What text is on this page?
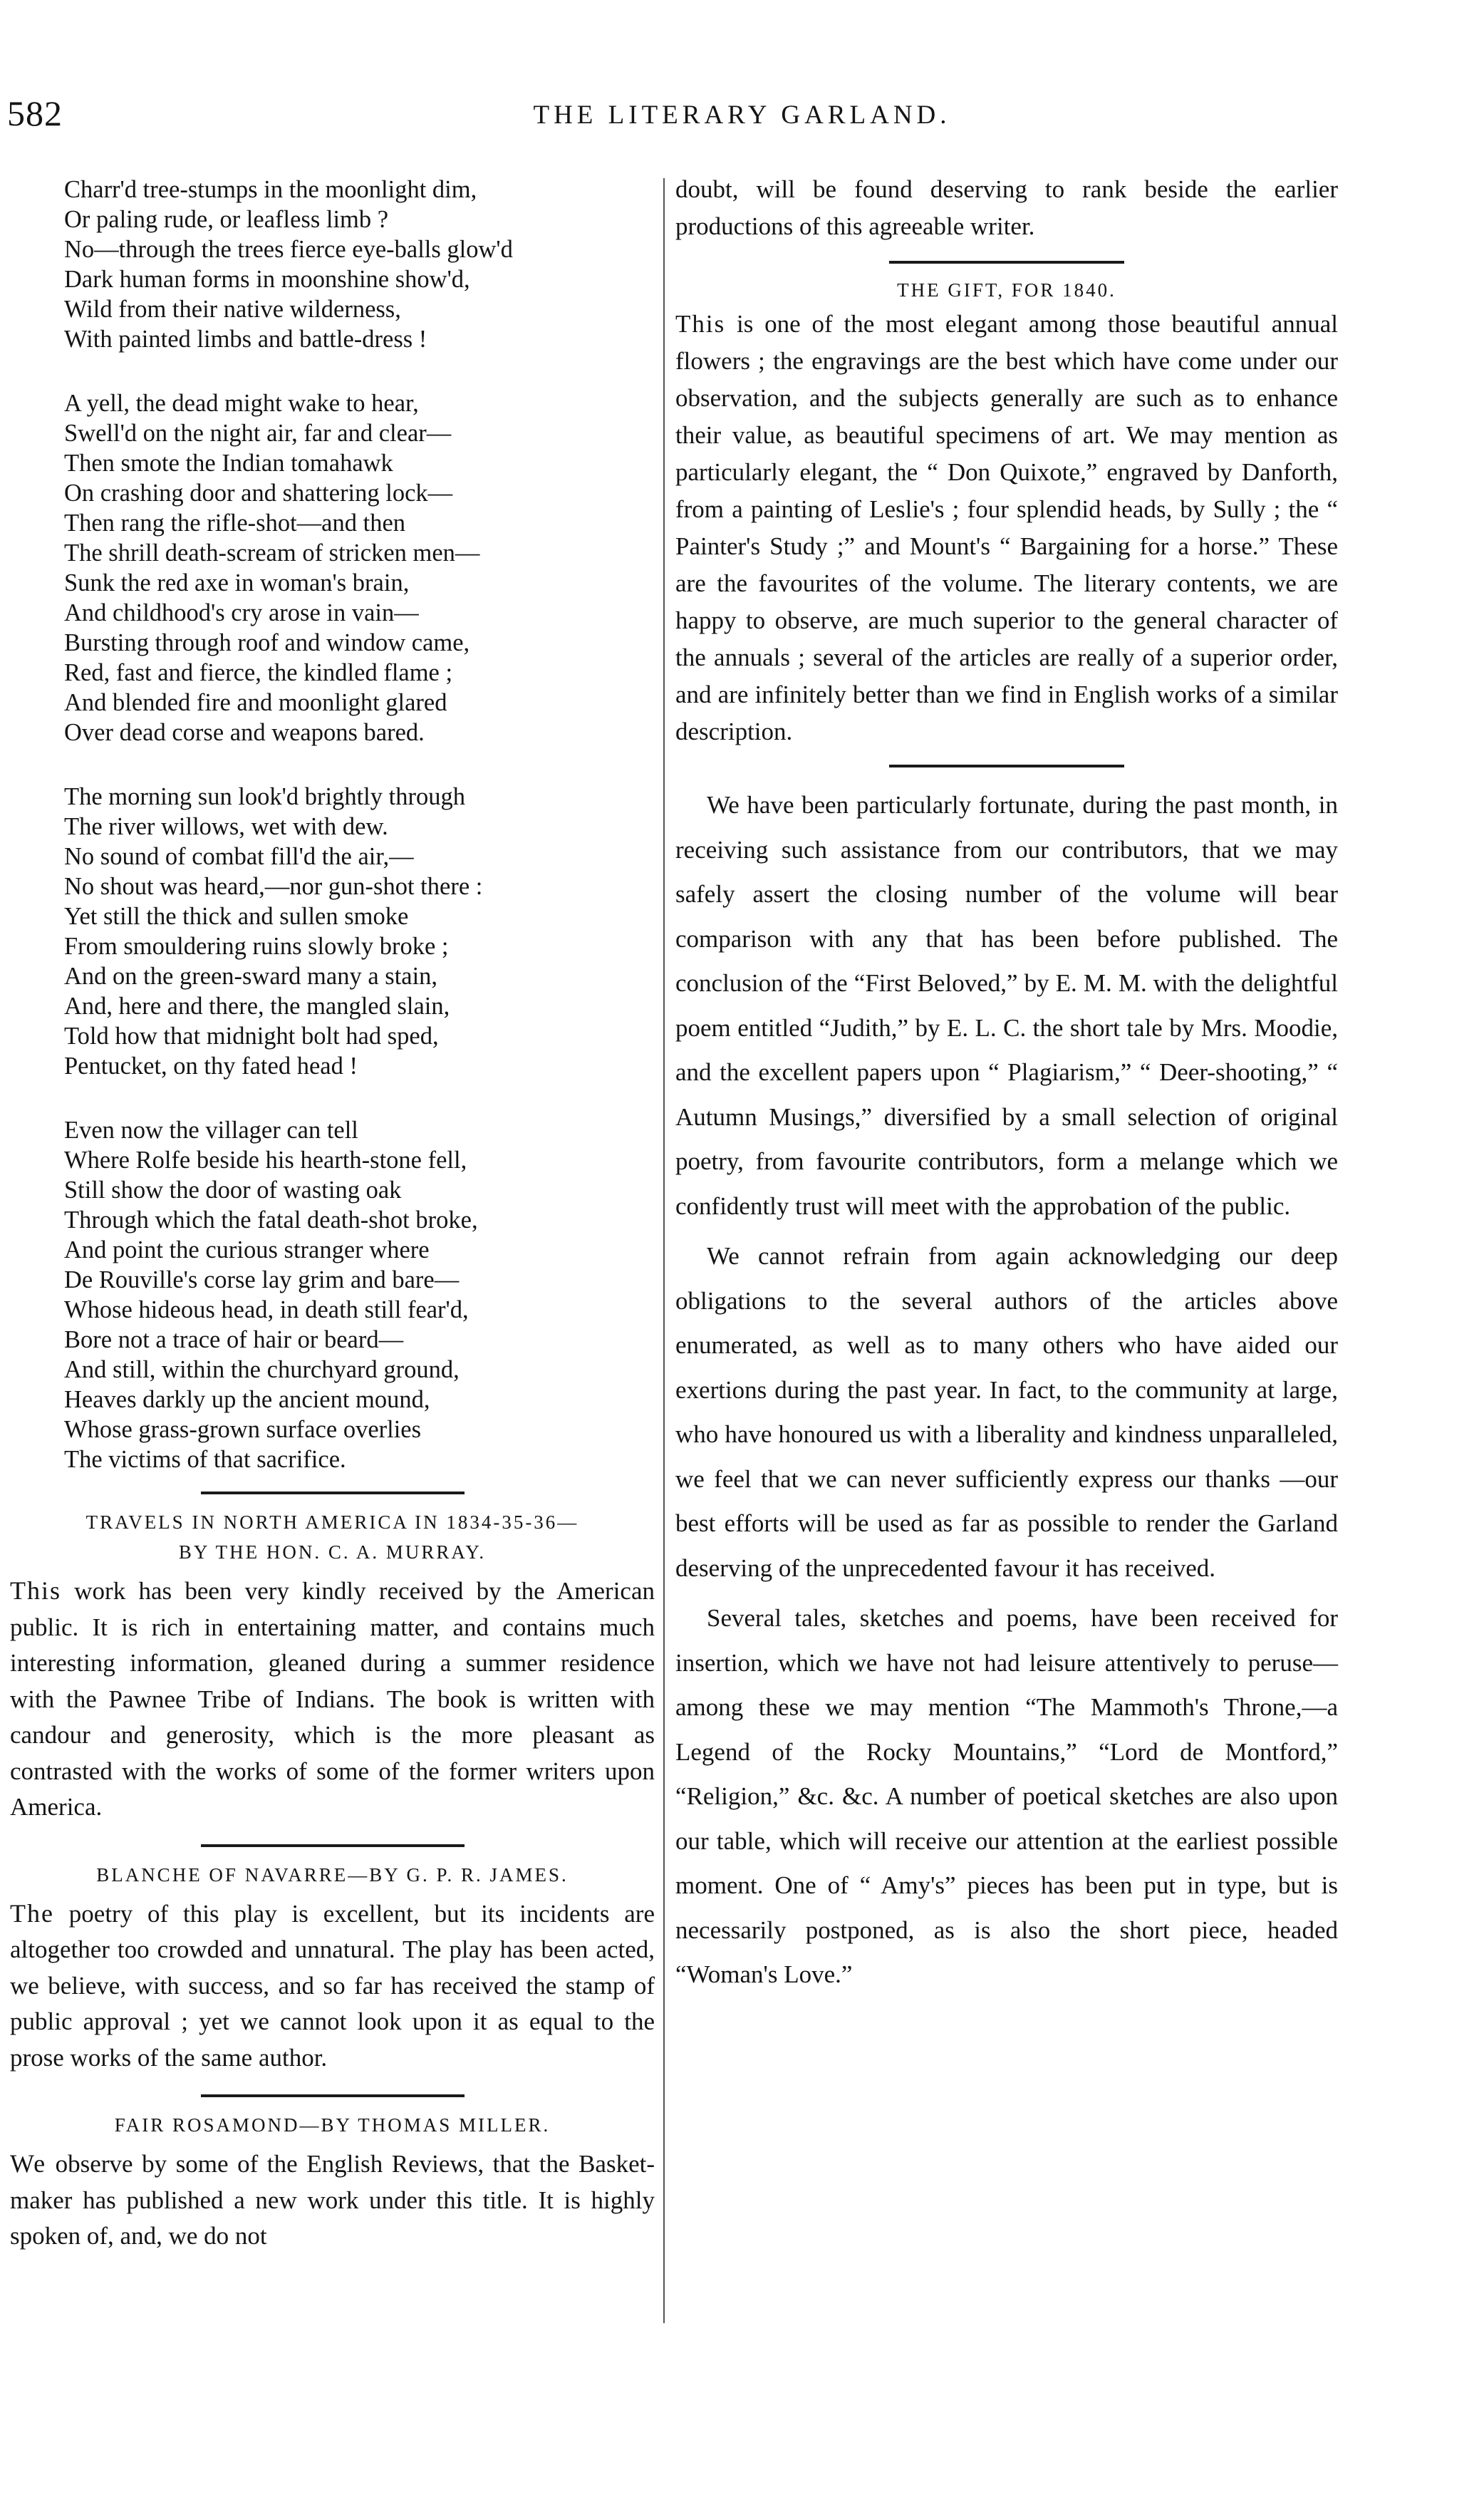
582	THE LITERARY GARLAND.
Charr'd tree-stumps in the moonlight dim,
Or paling rude, or leafless limb ?
No—through the trees fierce eye-balls glow'd
Dark human forms in moonshine show'd,
Wild from their native wilderness,
With painted limbs and battle-dress !
A yell, the dead might wake to hear,
Swell'd on the night air, far and clear—
Then smote the Indian tomahawk
On crashing door and shattering lock—
Then rang the rifle-shot—and then
The shrill death-scream of stricken men—
Sunk the red axe in woman's brain,
And childhood's cry arose in vain—
Bursting through roof and window came,
Red, fast and fierce, the kindled flame ;
And blended fire and moonlight glared
Over dead corse and weapons bared.
The morning sun look'd brightly through
The river willows, wet with dew.
No sound of combat fill'd the air,—
No shout was heard,—nor gun-shot there :
Yet still the thick and sullen smoke
From smouldering ruins slowly broke ;
And on the green-sward many a stain,
And, here and there, the mangled slain,
Told how that midnight bolt had sped,
Pentucket, on thy fated head !
Even now the villager can tell
Where Rolfe beside his hearth-stone fell,
Still show the door of wasting oak
Through which the fatal death-shot broke,
And point the curious stranger where
De Rouville's corse lay grim and bare—
Whose hideous head, in death still fear'd,
Bore not a trace of hair or beard—
And still, within the churchyard ground,
Heaves darkly up the ancient mound,
Whose grass-grown surface overlies
The victims of that sacrifice.
TRAVELS IN NORTH AMERICA IN 1834-35-36—
BY THE HON. C. A. MURRAY.

This work has been very kindly received by the American public. It is rich in entertaining matter, and contains much interesting information, gleaned during a summer residence with the Pawnee Tribe of Indians. The book is written with candour and generosity, which is the more pleasant as contrasted with the works of some of the former writers upon America.

BLANCHE OF NAVARRE—BY G. P. R. JAMES.

The poetry of this play is excellent, but its incidents are altogether too crowded and unnatural. The play has been acted, we believe, with success, and so far has received the stamp of public approval ; yet we cannot look upon it as equal to the prose works of the same author.

FAIR ROSAMOND—BY THOMAS MILLER.

We observe by some of the English Reviews, that the Basket-maker has published a new work under this title. It is highly spoken of, and, we do not

doubt, will be found deserving to rank beside the earlier productions of this agreeable writer.

THE GIFT, FOR 1840.

This is one of the most elegant among those beautiful annual flowers ; the engravings are the best which have come under our observation, and the subjects generally are such as to enhance their value, as beautiful specimens of art. We may mention as particularly elegant, the “ Don Quixote,” engraved by Danforth, from a painting of Leslie's ; four splendid heads, by Sully ; the “ Painter's Study ;” and Mount's “ Bargaining for a horse.” These are the favourites of the volume. The literary contents, we are happy to observe, are much superior to the general character of the annuals ; several of the articles are really of a superior order, and are infinitely better than we find in English works of a similar description.

We have been particularly fortunate, during the past month, in receiving such assistance from our contributors, that we may safely assert the closing number of the volume will bear comparison with any that has been before published. The conclusion of the “First Beloved,” by E. M. M. with the delightful poem entitled “Judith,” by E. L. C. the short tale by Mrs. Moodie, and the excellent papers upon “ Plagiarism,” “ Deer-shooting,” “ Autumn Musings,” diversified by a small selection of original poetry, from favourite contributors, form a melange which we confidently trust will meet with the approbation of the public.

We cannot refrain from again acknowledging our deep obligations to the several authors of the articles above enumerated, as well as to many others who have aided our exertions during the past year. In fact, to the community at large, who have honoured us with a liberality and kindness unparalleled, we feel that we can never sufficiently express our thanks —our best efforts will be used as far as possible to render the Garland deserving of the unprecedented favour it has received.

Several tales, sketches and poems, have been received for insertion, which we have not had leisure attentively to peruse—among these we may mention “The Mammoth's Throne,—a Legend of the Rocky Mountains,” “Lord de Montford,” “Religion,” &c. &c. A number of poetical sketches are also upon our table, which will receive our attention at the earliest possible moment. One of “ Amy's” pieces has been put in type, but is necessarily postponed, as is also the short piece, headed “Woman's Love.”
